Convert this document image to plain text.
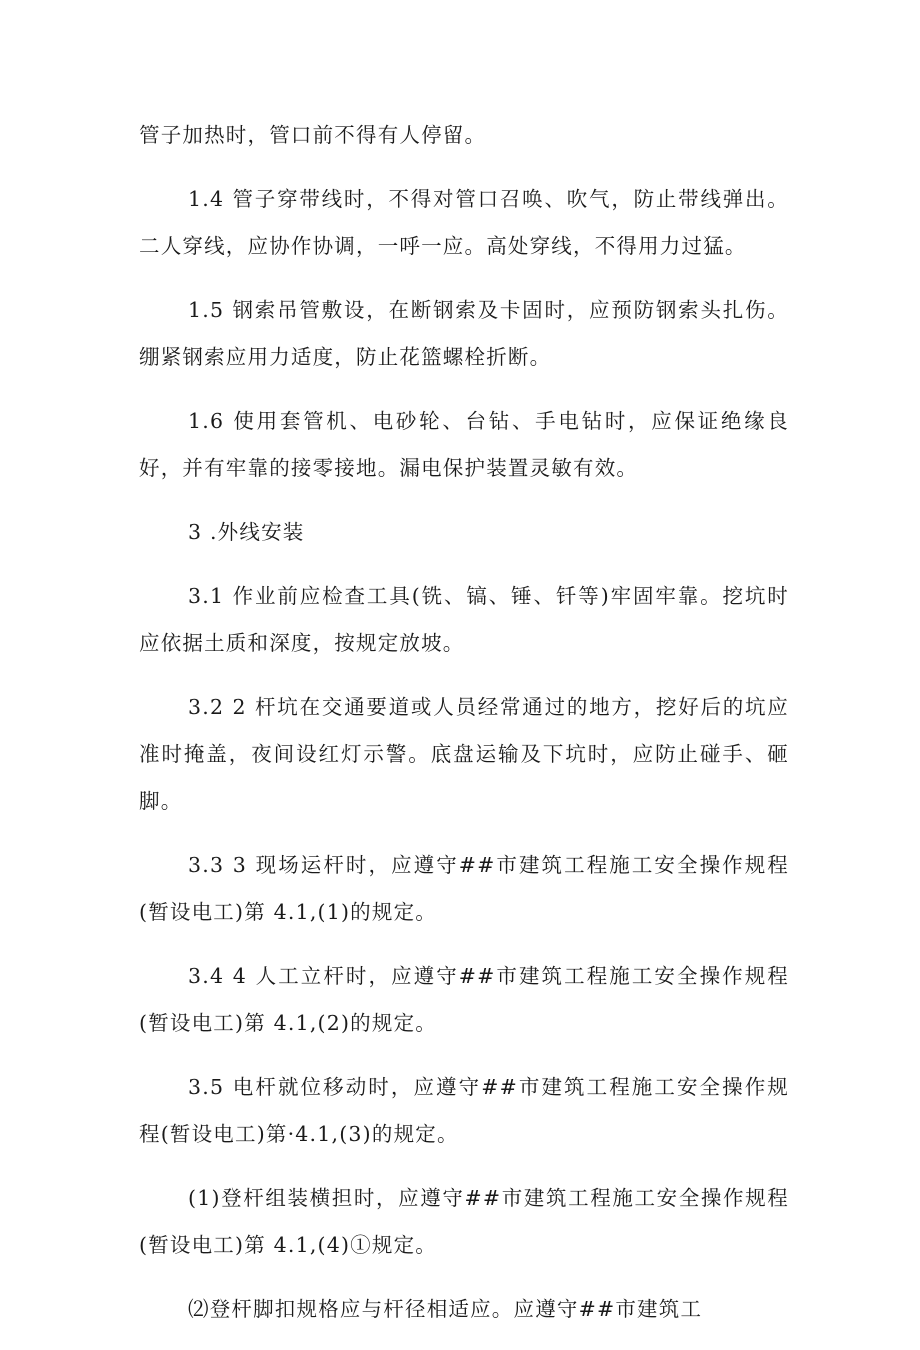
管子加热时，管口前不得有人停留。

1.4 管子穿带线时，不得对管口召唤、吹气，防止带线弹出。二人穿线，应协作协调，一呼一应。高处穿线，不得用力过猛。

1.5 钢索吊管敷设，在断钢索及卡固时，应预防钢索头扎伤。绷紧钢索应用力适度，防止花篮螺栓折断。

1.6 使用套管机、电砂轮、台钻、手电钻时，应保证绝缘良好，并有牢靠的接零接地。漏电保护装置灵敏有效。

3 .外线安装

3.1 作业前应检查工具(铣、镐、锤、钎等)牢固牢靠。挖坑时应依据土质和深度，按规定放坡。

3.2 2 杆坑在交通要道或人员经常通过的地方，挖好后的坑应准时掩盖，夜间设红灯示警。底盘运输及下坑时，应防止碰手、砸脚。

3.3 3 现场运杆时，应遵守##市建筑工程施工安全操作规程(暂设电工)第 4.1,(1)的规定。

3.4 4 人工立杆时，应遵守##市建筑工程施工安全操作规程(暂设电工)第 4.1,(2)的规定。

3.5 电杆就位移动时，应遵守##市建筑工程施工安全操作规程(暂设电工)第·4.1,(3)的规定。

(1)登杆组装横担时，应遵守##市建筑工程施工安全操作规程(暂设电工)第 4.1,(4)①规定。

⑵登杆脚扣规格应与杆径相适应。应遵守##市建筑工
